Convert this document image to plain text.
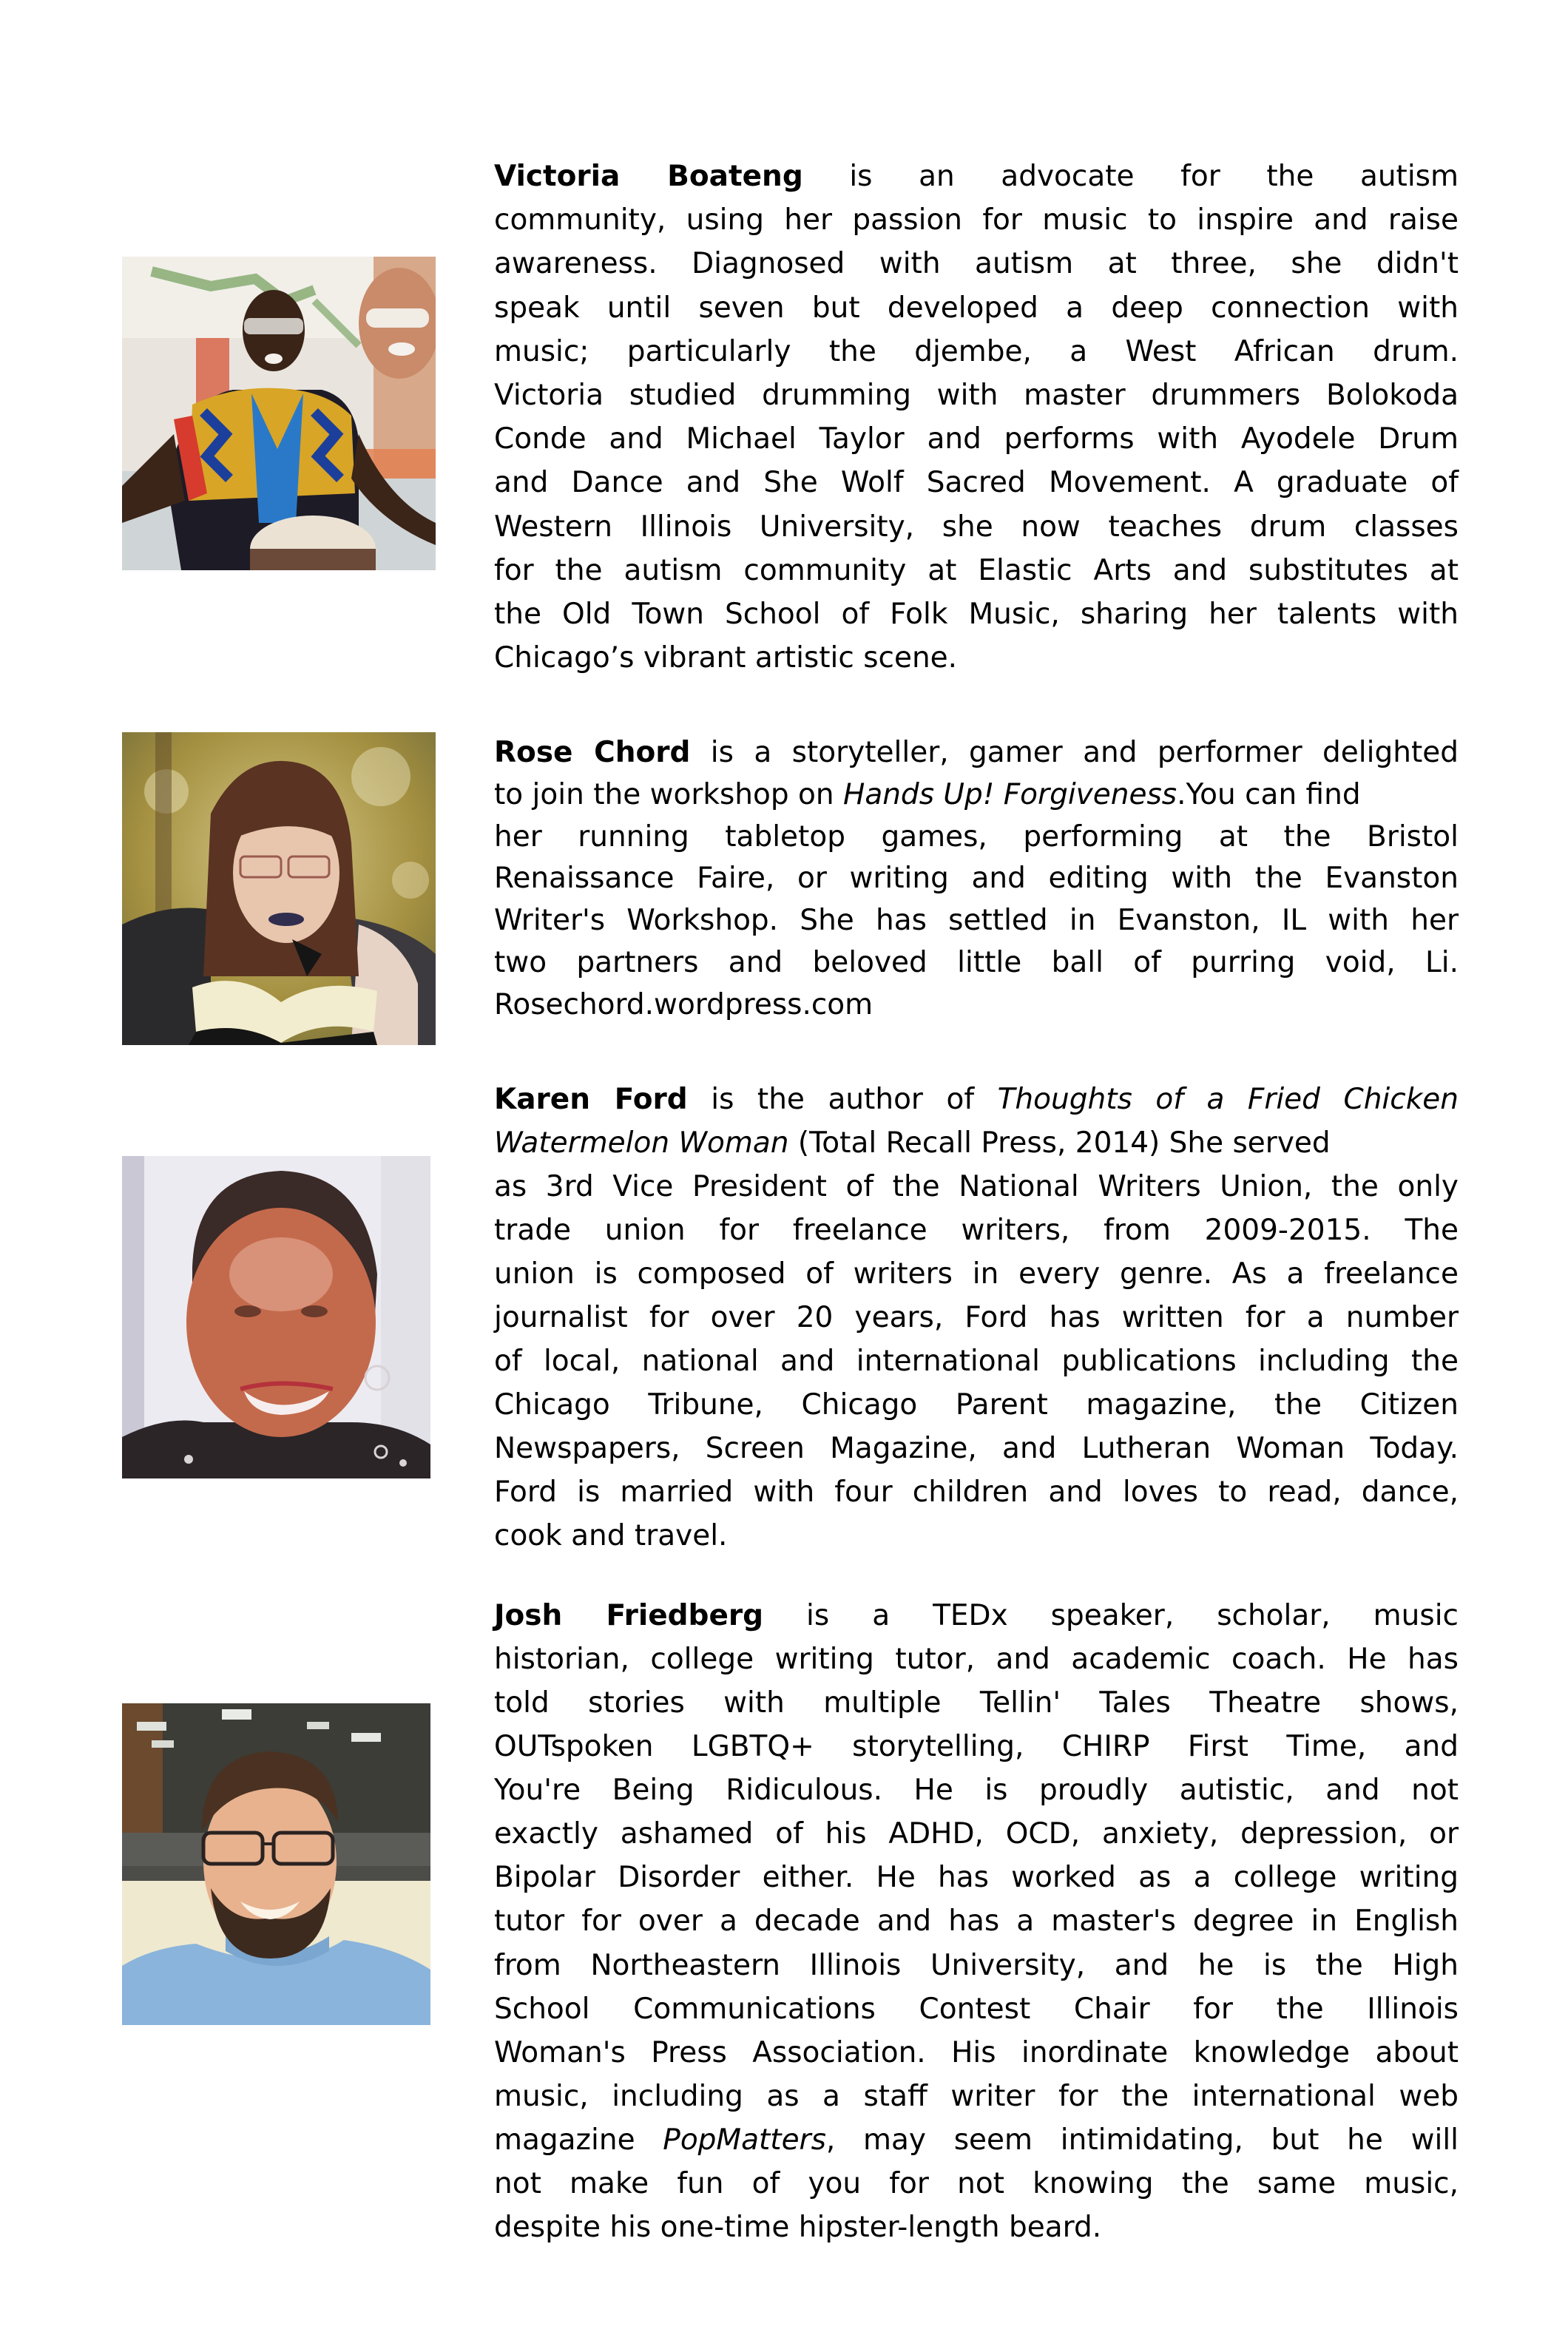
Victoria Boateng is an advocate for the autism
community, using her passion for music to inspire and raise
awareness. Diagnosed with autism at three, she didn't
speak until seven but developed a deep connection with
music; particularly the djembe, a West African drum.
Victoria studied drumming with master drummers Bolokoda
Conde and Michael Taylor and performs with Ayodele Drum
and Dance and She Wolf Sacred Movement. A graduate of
Western Illinois University, she now teaches drum classes
for the autism community at Elastic Arts and substitutes at
the Old Town School of Folk Music, sharing her talents with
Chicago’s vibrant artistic scene.
Rose Chord is a storyteller, gamer and performer delighted
to join the workshop on Hands Up! Forgiveness.You can find
her running tabletop games, performing at the Bristol
Renaissance Faire, or writing and editing with the Evanston
Writer's Workshop. She has settled in Evanston, IL with her
two partners and beloved little ball of purring void, Li.
Rosechord.wordpress.com
Karen Ford is the author of Thoughts of a Fried Chicken
Watermelon Woman (Total Recall Press, 2014) She served
as 3rd Vice President of the National Writers Union, the only
trade union for freelance writers, from 2009-2015. The
union is composed of writers in every genre. As a freelance
journalist for over 20 years, Ford has written for a number
of local, national and international publications including the
Chicago Tribune, Chicago Parent magazine, the Citizen
Newspapers, Screen Magazine, and Lutheran Woman Today.
Ford is married with four children and loves to read, dance,
cook and travel.
Josh Friedberg is a TEDx speaker, scholar, music
historian, college writing tutor, and academic coach. He has
told stories with multiple Tellin' Tales Theatre shows,
OUTspoken LGBTQ+ storytelling, CHIRP First Time, and
You're Being Ridiculous. He is proudly autistic, and not
exactly ashamed of his ADHD, OCD, anxiety, depression, or
Bipolar Disorder either. He has worked as a college writing
tutor for over a decade and has a master's degree in English
from Northeastern Illinois University, and he is the High
School Communications Contest Chair for the Illinois
Woman's Press Association. His inordinate knowledge about
music, including as a staff writer for the international web
magazine PopMatters, may seem intimidating, but he will
not make fun of you for not knowing the same music,
despite his one-time hipster-length beard.
